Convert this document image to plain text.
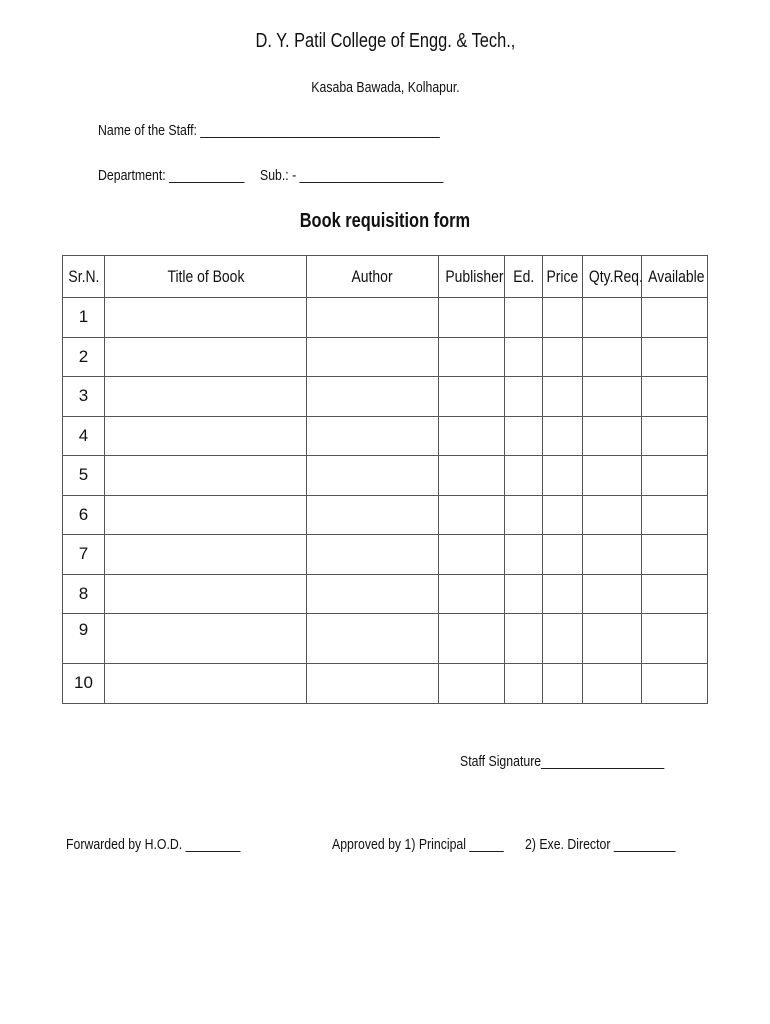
D. Y. Patil College of Engg. & Tech.,
Kasaba Bawada, Kolhapur.
Name of the Staff: ___________________________________
Department: ___________	Sub.: - _____________________
Book requisition form
Sr.N.	Title of Book	Author	Publisher	Ed.	Price	Qty.Req.	Available
1							
2							
3							
4							
5							
6							
7							
8							
9							
10							
Staff Signature__________________
Forwarded by H.O.D. ________	Approved by 1) Principal _____	2) Exe. Director _________
